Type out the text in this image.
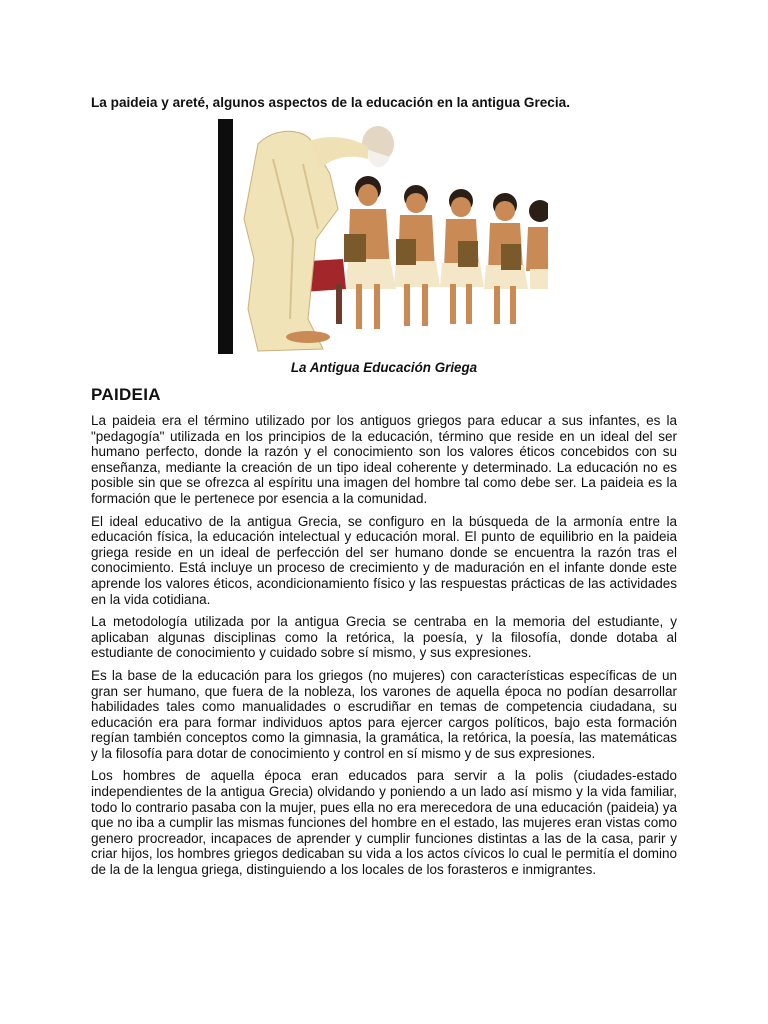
La paideia y areté, algunos aspectos de la educación en la antigua Grecia.
La Antigua Educación Griega
PAIDEIA

La paideia era el término utilizado por los antiguos griegos para educar a sus infantes, es la "pedagogía" utilizada en los principios de la educación, término que reside en un ideal del ser humano perfecto, donde la razón y el conocimiento son los valores éticos concebidos con su enseñanza, mediante la creación de un tipo ideal coherente y determinado. La educación no es posible sin que se ofrezca al espíritu una imagen del hombre tal como debe ser. La paideia es la formación que le pertenece por esencia a la comunidad.

El ideal educativo de la antigua Grecia, se configuro en la búsqueda de la armonía entre la educación física, la educación intelectual y educación moral. El punto de equilibrio en la paideia griega reside en un ideal de perfección del ser humano donde se encuentra la razón tras el conocimiento. Está incluye un proceso de crecimiento y de maduración en el infante donde este aprende los valores éticos, acondicionamiento físico y las respuestas prácticas de las actividades en la vida cotidiana.

La metodología utilizada por la antigua Grecia se centraba en la memoria del estudiante, y aplicaban algunas disciplinas como la retórica, la poesía, y la filosofía, donde dotaba al estudiante de conocimiento y cuidado sobre sí mismo, y sus expresiones.

Es la base de la educación para los griegos (no mujeres) con características específicas de un gran ser humano, que fuera de la nobleza, los varones de aquella época no podían desarrollar habilidades tales como manualidades o escrudiñar en temas de competencia ciudadana, su educación era para formar individuos aptos para ejercer cargos políticos, bajo esta formación regían también conceptos como la gimnasia, la gramática, la retórica, la poesía, las matemáticas y la filosofía para dotar de conocimiento y control en sí mismo y de sus expresiones.

Los hombres de aquella época eran educados para servir a la polis (ciudades-estado independientes de la antigua Grecia) olvidando y poniendo a un lado así mismo y la vida familiar, todo lo contrario pasaba con la mujer, pues ella no era merecedora de una educación (paideia) ya que no iba a cumplir las mismas funciones del hombre en el estado, las mujeres eran vistas como genero procreador, incapaces de aprender y cumplir funciones distintas a las de la casa, parir y criar hijos, los hombres griegos dedicaban su vida a los actos cívicos lo cual le permitía el domino de la de la lengua griega, distinguiendo a los locales de los forasteros e inmigrantes.
